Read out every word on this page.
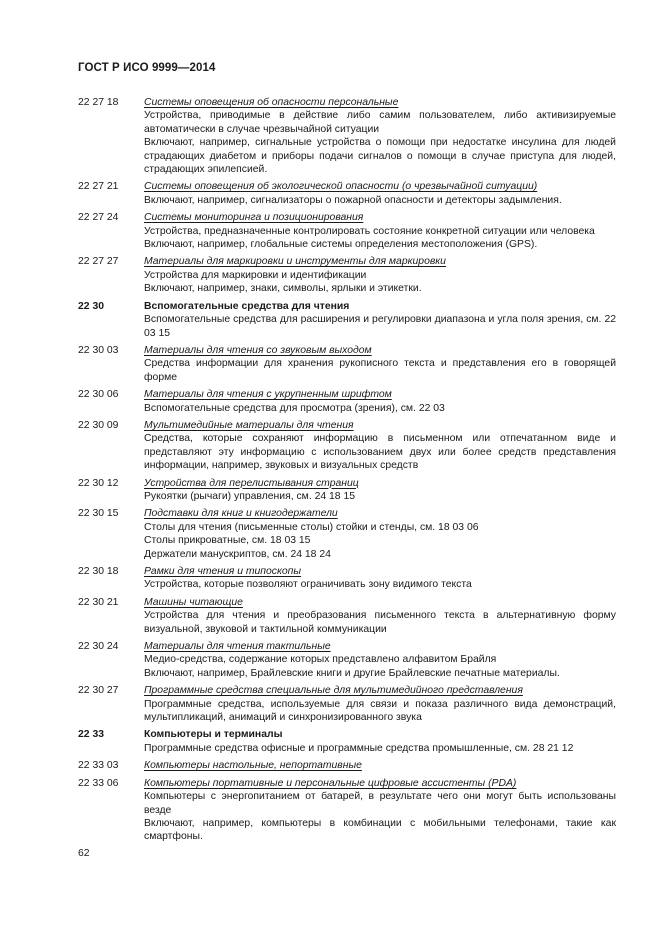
ГОСТ Р ИСО 9999—2014
22 27 18	Системы оповещения об опасности персональные
Устройства, приводимые в действие либо самим пользователем, либо активизируемые автоматически в случае чрезвычайной ситуации
Включают, например, сигнальные устройства о помощи при недостатке инсулина для людей страдающих диабетом и приборы подачи сигналов о помощи в случае приступа для людей, страдающих эпилепсией.
22 27 21	Системы оповещения об экологической опасности (о чрезвычайной ситуации)
Включают, например, сигнализаторы о пожарной опасности и детекторы задымления.
22 27 24	Системы мониторинга и позиционирования
Устройства, предназначенные контролировать состояние конкретной ситуации или человека
Включают, например, глобальные системы определения местоположения (GPS).
22 27 27	Материалы для маркировки и инструменты для маркировки
Устройства для маркировки и идентификации
Включают, например, знаки, символы, ярлыки и этикетки.
22 30	Вспомогательные средства для чтения
Вспомогательные средства для расширения и регулировки диапазона и угла поля зрения, см. 22 03 15
22 30 03	Материалы для чтения со звуковым выходом
Средства информации для хранения рукописного текста и представления его в говорящей форме
22 30 06	Материалы для чтения с укрупненным шрифтом
Вспомогательные средства для просмотра (зрения), см. 22 03
22 30 09	Мультимедийные материалы для чтения
Средства, которые сохраняют информацию в письменном или отпечатанном виде и представляют эту информацию с использованием двух или более средств представления информации, например, звуковых и визуальных средств
22 30 12	Устройства для перелистывания страниц
Рукоятки (рычаги) управления, см. 24 18 15
22 30 15	Подставки для книг и книгодержатели
Столы для чтения (письменные столы) стойки и стенды, см. 18 03 06
Столы прикроватные, см. 18 03 15
Держатели манускриптов, см. 24 18 24
22 30 18	Рамки для чтения и типоскопы
Устройства, которые позволяют ограничивать зону видимого текста
22 30 21	Машины читающие
Устройства для чтения и преобразования письменного текста в альтернативную форму визуальной, звуковой и тактильной коммуникации
22 30 24	Материалы для чтения тактильные
Медио-средства, содержание которых представлено алфавитом Брайля
Включают, например, Брайлевские книги и другие Брайлевские печатные материалы.
22 30 27	Программные средства специальные для мультимедийного представления
Программные средства, используемые для связи и показа различного вида демонстраций, мультипликаций, анимаций и синхронизированного звука
22 33	Компьютеры и терминалы
Программные средства офисные и программные средства промышленные, см. 28 21 12
22 33 03	Компьютеры настольные, непортативные
22 33 06	Компьютеры портативные и персональные цифровые ассистенты (PDA)
Компьютеры с энергопитанием от батарей, в результате чего они могут быть использованы везде
Включают, например, компьютеры в комбинации с мобильными телефонами, такие как смартфоны.
62
